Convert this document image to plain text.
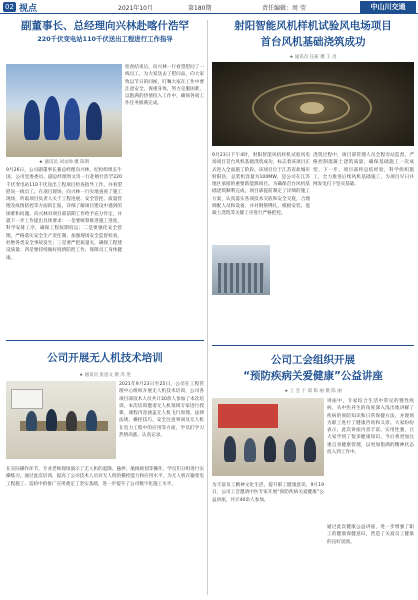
02 视点	2021年10月	第180期	责任编辑：周 莹	中山川交通
副董事长、总经理向兴林赴喀什浩罕
220千伏变电站110千伏送出工程进行工作指导
★ 通讯员 刘永帅 摄 陈明
9月26日，公司副董事长兼总经理向兴林，纪检组组长牛国、公司党委委员、副总经理周文奇一行赴喀什浩罕220千伏变电站110千伏送出工程项目检查指导工作，并看望慰问一线员工。在项目现场，向兴林一行实地查看了施工现场，听取项目负责人关于工程进展、安全管控、质量管理及疫情防控等方面的汇报，详细了解项目建设中遇到的困难和问题。向兴林对项目部前期工作给予充分肯定，并就下一步工作提出具体要求：一是要统筹推进施工进度，科学安排工序，确保工程按期投运；二是要强化安全管理，严格落实安全生产责任制，加强现场安全监督检查，杜绝各类安全事故发生；三是要严把质量关，确保工程建设质量；四是要持续做好疫情防控工作，保障员工身体健康。
检查结束后，向兴林一行看望慰问了一线员工，为大家送去了慰问品，向大家致以节日的问候，叮嘱大家在工作中要注意安全，保重身体，努力克服困难，以饱满的热情投入工作中，确保各项工作任务圆满完成。
公司开展无人机技术培训
★ 通讯员 张思文 摄 苏 进
2021年9月23日至25日，公司在工程管理中心组织开展无人机技术培训，公司各项目部技术人员共计30余人参加了本次培训。本次培训邀请无人机领域专家进行授课，课程内容涵盖无人机飞行原理、法律法规、操控技巧、安全注意事项及无人机在电力工程中的应用等方面，学员们学习热情高涨，认真记录。
在实际操作环节，专业老师现场演示了无人机的起降、悬停、航线规划等操作，学员们分组进行实操练习。通过此次培训，提高了公司技术人员对无人机的操控能力和应用水平，为无人机在输变电工程施工、巡检中的推广应用奠定了坚实基础，进一步提升了公司数字化施工水平。
射阳智能风机样机试验风电场项目
首台风机基础浇筑成功
★ 通讯员 任振 摄 王 昌
9月23日下午4时，射阳智能风机样机试验风电场项目首台风机基础浇筑成功，标志着该项目正式进入全面施工阶段。该项目位于江苏省盐城市射阳县，总装机容量为100MW，是公司在江苏地区承接的重要新能源项目。为确保首台风机基础浇筑顺利完成，项目部提前制定了详细的施工方案，认真落实各项技术交底和安全交底，合理调配人员和设备，并对钢筋绑扎、模板安装、混凝土浇筑等关键工序进行严格把控。
浇筑过程中，项目部管理人员全程旁站监督，严格控制混凝土浇筑质量，确保基础施工一次成型。下一步，项目部将总结经验，科学组织施工，全力推进后续风机基础施工，为项目早日并网发电打下坚实基础。
公司工会组织开展
“预防疾病关爱健康”公益讲座
★ 工 会 干 部 陈 丽 摄 陈 丽
讲座中，专家结合生活中常见的慢性疾病，从中医养生的角度深入浅出地讲解了疾病的预防知识和日常保健方法，并现场为职工进行了健康咨询和义诊。大家纷纷表示，此次讲座内容丰富、实用性强，让大家学到了很多健康知识，今后将更加注重自身健康管理，以更加饱满的精神状态投入到工作中。
为丰富员工精神文化生活，提升职工健康意识，9月19日，公司工会邀请中医专家开展“预防疾病关爱健康”公益讲座，共计40余人参加。
通过此次健康公益讲座，进一步增强了职工的健康保健意识，营造了关爱员工健康的良好氛围。
